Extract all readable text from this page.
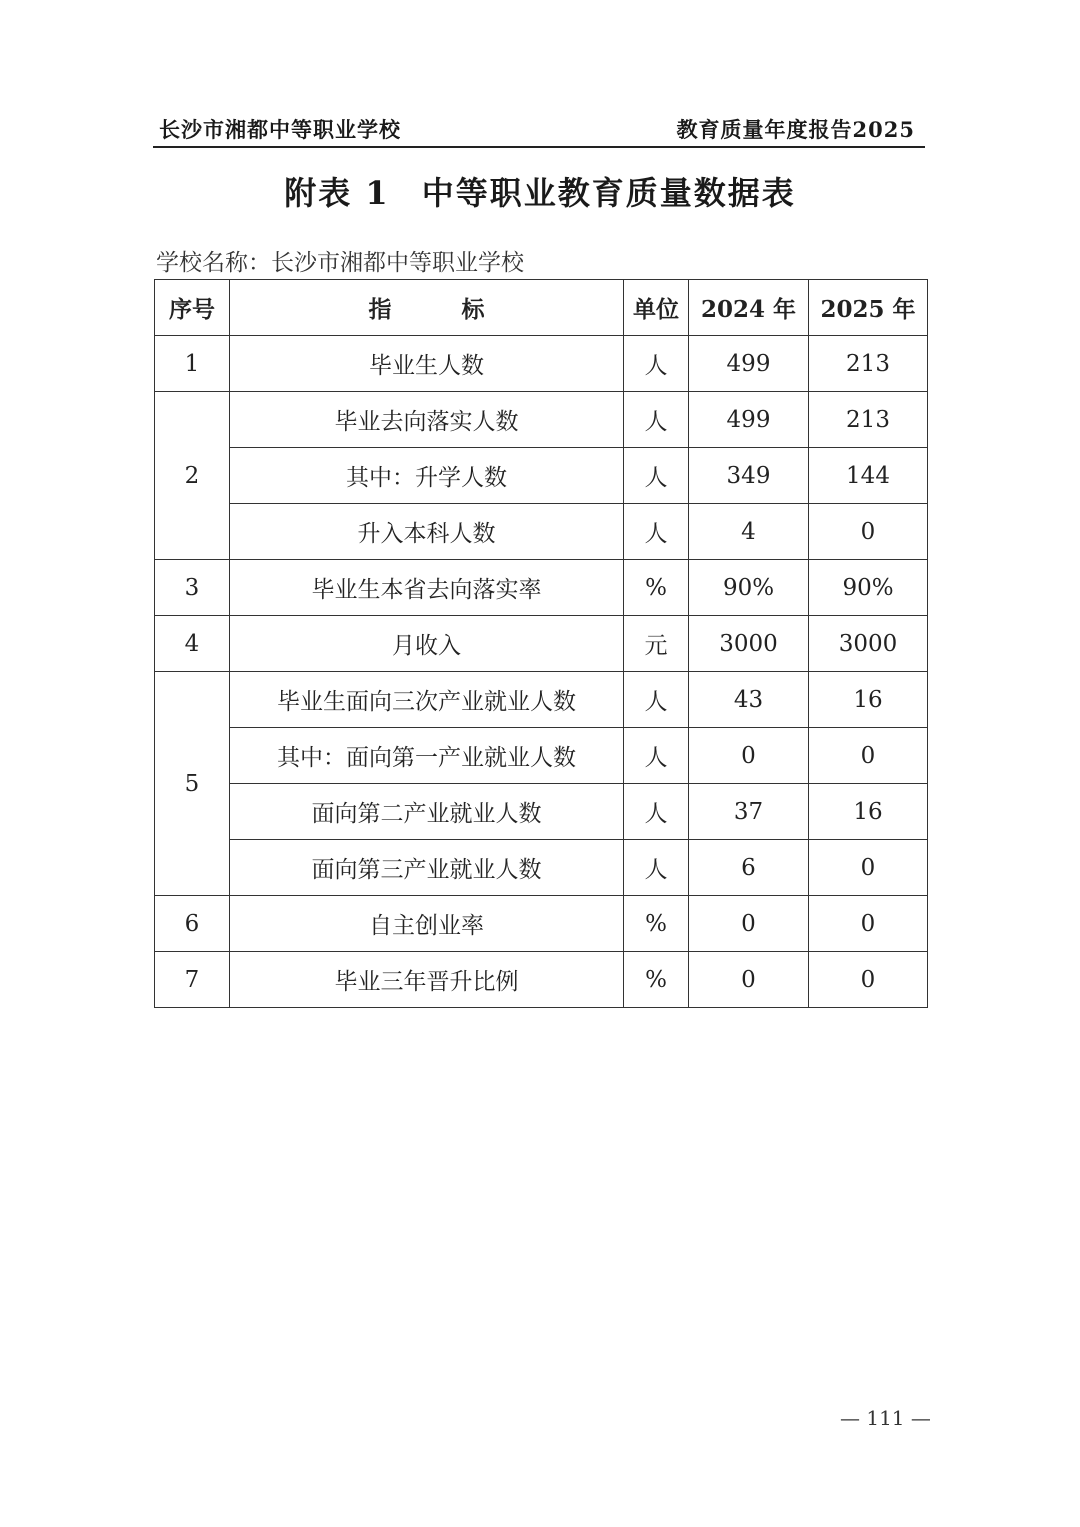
长沙市湘都中等职业学校	教育质量年度报告2025
附表 1 中等职业教育质量数据表
学校名称：长沙市湘都中等职业学校
序号	指 标	单位	2024 年	2025 年
1	毕业生人数	人	499	213
2	毕业去向落实人数	人	499	213
	其中：升学人数	人	349	144
	升入本科人数	人	4	0
3	毕业生本省去向落实率	%	90%	90%
4	月收入	元	3000	3000
5	毕业生面向三次产业就业人数	人	43	16
	其中：面向第一产业就业人数	人	0	0
	面向第二产业就业人数	人	37	16
	面向第三产业就业人数	人	6	0
6	自主创业率	%	0	0
7	毕业三年晋升比例	%	0	0
— 111 —
